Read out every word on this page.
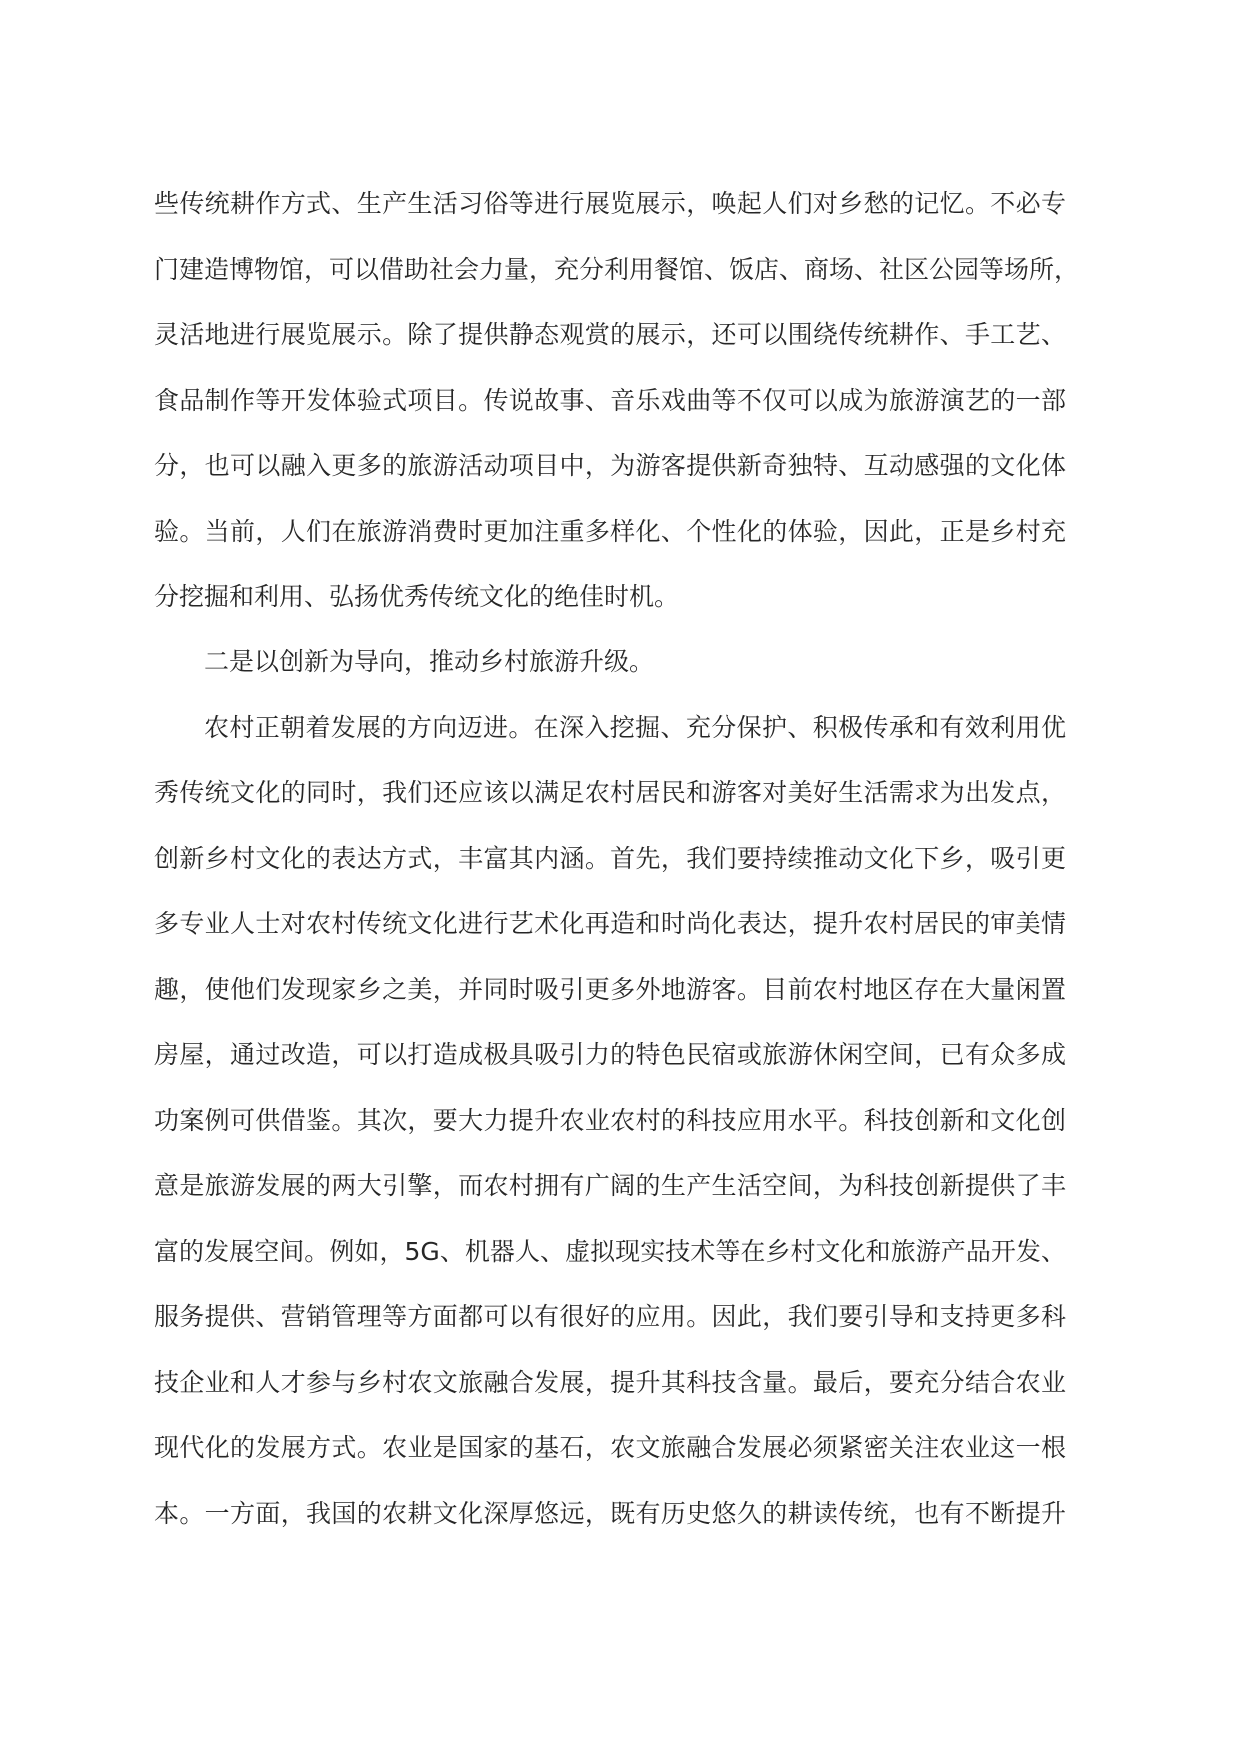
些传统耕作方式、生产生活习俗等进行展览展示，唤起人们对乡愁的记忆。不必专
门建造博物馆，可以借助社会力量，充分利用餐馆、饭店、商场、社区公园等场所，
灵活地进行展览展示。除了提供静态观赏的展示，还可以围绕传统耕作、手工艺、
食品制作等开发体验式项目。传说故事、音乐戏曲等不仅可以成为旅游演艺的一部
分，也可以融入更多的旅游活动项目中，为游客提供新奇独特、互动感强的文化体
验。当前，人们在旅游消费时更加注重多样化、个性化的体验，因此，正是乡村充
分挖掘和利用、弘扬优秀传统文化的绝佳时机。
二是以创新为导向，推动乡村旅游升级。
农村正朝着发展的方向迈进。在深入挖掘、充分保护、积极传承和有效利用优
秀传统文化的同时，我们还应该以满足农村居民和游客对美好生活需求为出发点，
创新乡村文化的表达方式，丰富其内涵。首先，我们要持续推动文化下乡，吸引更
多专业人士对农村传统文化进行艺术化再造和时尚化表达，提升农村居民的审美情
趣，使他们发现家乡之美，并同时吸引更多外地游客。目前农村地区存在大量闲置
房屋，通过改造，可以打造成极具吸引力的特色民宿或旅游休闲空间，已有众多成
功案例可供借鉴。其次，要大力提升农业农村的科技应用水平。科技创新和文化创
意是旅游发展的两大引擎，而农村拥有广阔的生产生活空间，为科技创新提供了丰
富的发展空间。例如，5G、机器人、虚拟现实技术等在乡村文化和旅游产品开发、
服务提供、营销管理等方面都可以有很好的应用。因此，我们要引导和支持更多科
技企业和人才参与乡村农文旅融合发展，提升其科技含量。最后，要充分结合农业
现代化的发展方式。农业是国家的基石，农文旅融合发展必须紧密关注农业这一根
本。一方面，我国的农耕文化深厚悠远，既有历史悠久的耕读传统，也有不断提升
